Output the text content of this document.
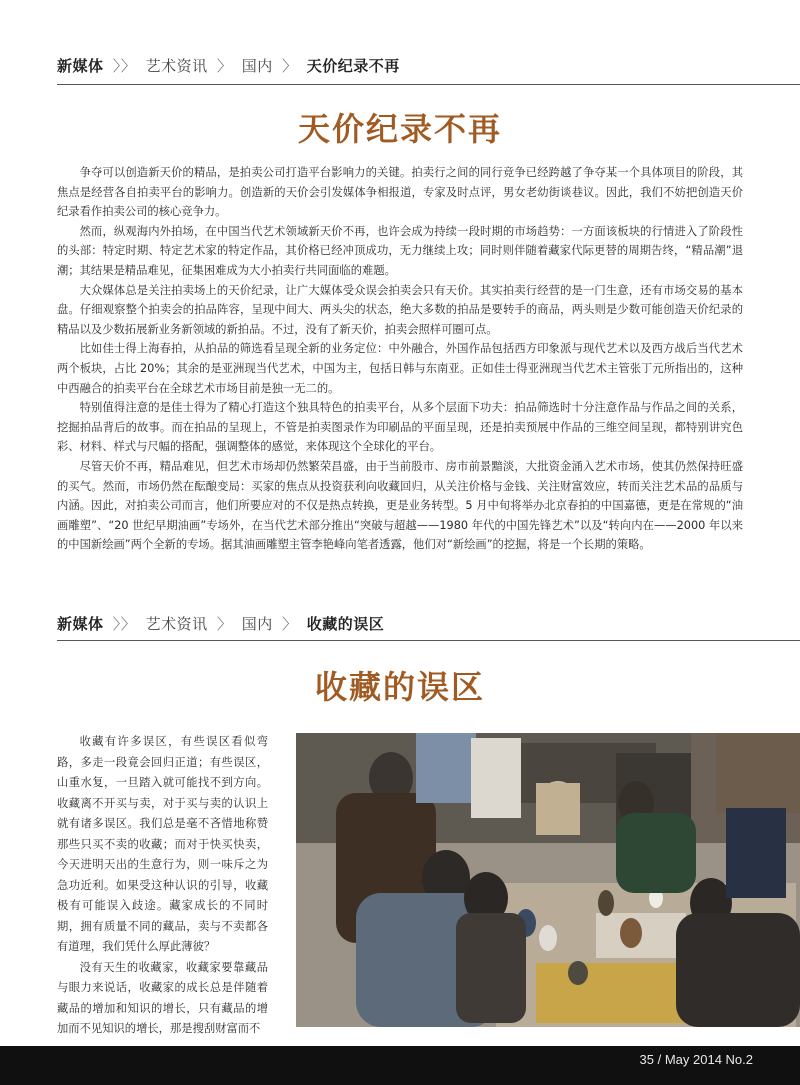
新媒体 〉〉 艺术资讯 〉 国内 〉 天价纪录不再
天价纪录不再

争夺可以创造新天价的精品，是拍卖公司打造平台影响力的关键。拍卖行之间的同行竞争已经跨越了争夺某一个具体项目的阶段，其焦点是经营各自拍卖平台的影响力。创造新的天价会引发媒体争相报道，专家及时点评，男女老幼街谈巷议。因此，我们不妨把创造天价纪录看作拍卖公司的核心竞争力。

然而，纵观海内外拍场，在中国当代艺术领域新天价不再，也许会成为持续一段时期的市场趋势：一方面该板块的行情进入了阶段性的头部：特定时期、特定艺术家的特定作品，其价格已经冲顶成功，无力继续上攻；同时则伴随着藏家代际更替的周期告终，“精品潮”退潮；其结果是精品难见，征集困难成为大小拍卖行共同面临的难题。

大众媒体总是关注拍卖场上的天价纪录，让广大媒体受众误会拍卖会只有天价。其实拍卖行经营的是一门生意，还有市场交易的基本盘。仔细观察整个拍卖会的拍品阵容，呈现中间大、两头尖的状态，绝大多数的拍品是要转手的商品，两头则是少数可能创造天价纪录的精品以及少数拓展新业务新领域的新拍品。不过，没有了新天价，拍卖会照样可圈可点。

比如佳士得上海春拍，从拍品的筛选看呈现全新的业务定位：中外融合，外国作品包括西方印象派与现代艺术以及西方战后当代艺术两个板块，占比 20%；其余的是亚洲现当代艺术，中国为主，包括日韩与东南亚。正如佳士得亚洲现当代艺术主管张丁元所指出的，这种中西融合的拍卖平台在全球艺术市场目前是独一无二的。

特别值得注意的是佳士得为了精心打造这个独具特色的拍卖平台，从多个层面下功夫：拍品筛选时十分注意作品与作品之间的关系，挖掘拍品背后的故事。而在拍品的呈现上，不管是拍卖图录作为印刷品的平面呈现，还是拍卖预展中作品的三维空间呈现，都特别讲究色彩、材料、样式与尺幅的搭配，强调整体的感觉，来体现这个全球化的平台。

尽管天价不再，精品难见，但艺术市场却仍然繁荣昌盛，由于当前股市、房市前景黯淡，大批资金涌入艺术市场，使其仍然保持旺盛的买气。然而，市场仍然在酝酿变局：买家的焦点从投资获利向收藏回归，从关注价格与金钱、关注财富效应，转而关注艺术品的品质与内涵。因此，对拍卖公司而言，他们所要应对的不仅是热点转换，更是业务转型。5 月中旬将举办北京春拍的中国嘉德，更是在常规的“油画雕塑”、“20 世纪早期油画”专场外，在当代艺术部分推出“突破与超越——1980 年代的中国先锋艺术”以及“转向内在——2000 年以来的中国新绘画”两个全新的专场。据其油画雕塑主管李艳峰向笔者透露，他们对“新绘画”的挖掘，将是一个长期的策略。

新媒体 〉〉 艺术资讯 〉 国内 〉 收藏的误区
收藏的误区

收藏有许多误区，有些误区看似弯路，多走一段竟会回归正道；有些误区，山重水复，一旦踏入就可能找不到方向。收藏离不开买与卖，对于买与卖的认识上就有诸多误区。我们总是毫不吝惜地称赞那些只买不卖的收藏；而对于快买快卖，今天进明天出的生意行为，则一味斥之为急功近利。如果受这种认识的引导，收藏极有可能误入歧途。藏家成长的不同时期，拥有质量不同的藏品，卖与不卖都各有道理，我们凭什么厚此薄彼？

没有天生的收藏家，收藏家要靠藏品与眼力来说话，收藏家的成长总是伴随着藏品的增加和知识的增长，只有藏品的增加而不见知识的增长，那是搜刮财富而不

35 / May 2014 No.2
